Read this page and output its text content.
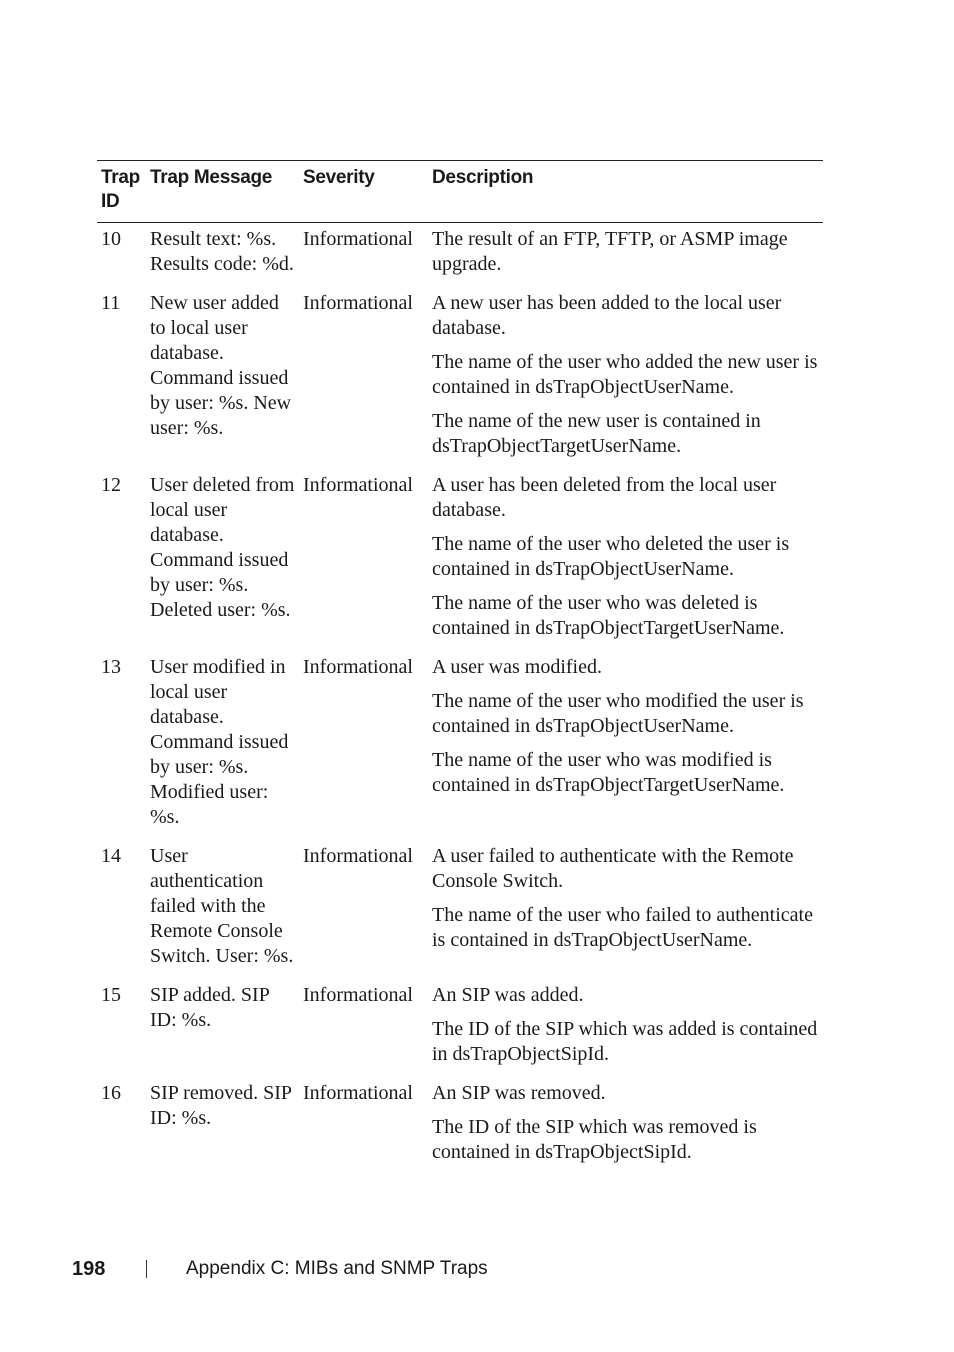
Trap ID	Trap Message	Severity	Description
10	Result text: %s. Results code: %d.	Informational	The result of an FTP, TFTP, or ASMP image upgrade.

11	New user added to local user database. Command issued by user: %s. New user: %s.	Informational	A new user has been added to the local user database.
The name of the user who added the new user is contained in dsTrapObjectUserName.
The name of the new user is contained in dsTrapObjectTargetUserName.

12	User deleted from local user database. Command issued by user: %s. Deleted user: %s.	Informational	A user has been deleted from the local user database.
The name of the user who deleted the user is contained in dsTrapObjectUserName.
The name of the user who was deleted is contained in dsTrapObjectTargetUserName.

13	User modified in local user database. Command issued by user: %s. Modified user: %s.	Informational	A user was modified.
The name of the user who modified the user is contained in dsTrapObjectUserName.
The name of the user who was modified is contained in dsTrapObjectTargetUserName.

14	User authentication failed with the Remote Console Switch. User: %s.	Informational	A user failed to authenticate with the Remote Console Switch.
The name of the user who failed to authenticate is contained in dsTrapObjectUserName.

15	SIP added. SIP ID: %s.	Informational	An SIP was added.
The ID of the SIP which was added is contained in dsTrapObjectSipId.

16	SIP removed. SIP ID: %s.	Informational	An SIP was removed.
The ID of the SIP which was removed is contained in dsTrapObjectSipId.
198	Appendix C: MIBs and SNMP Traps
